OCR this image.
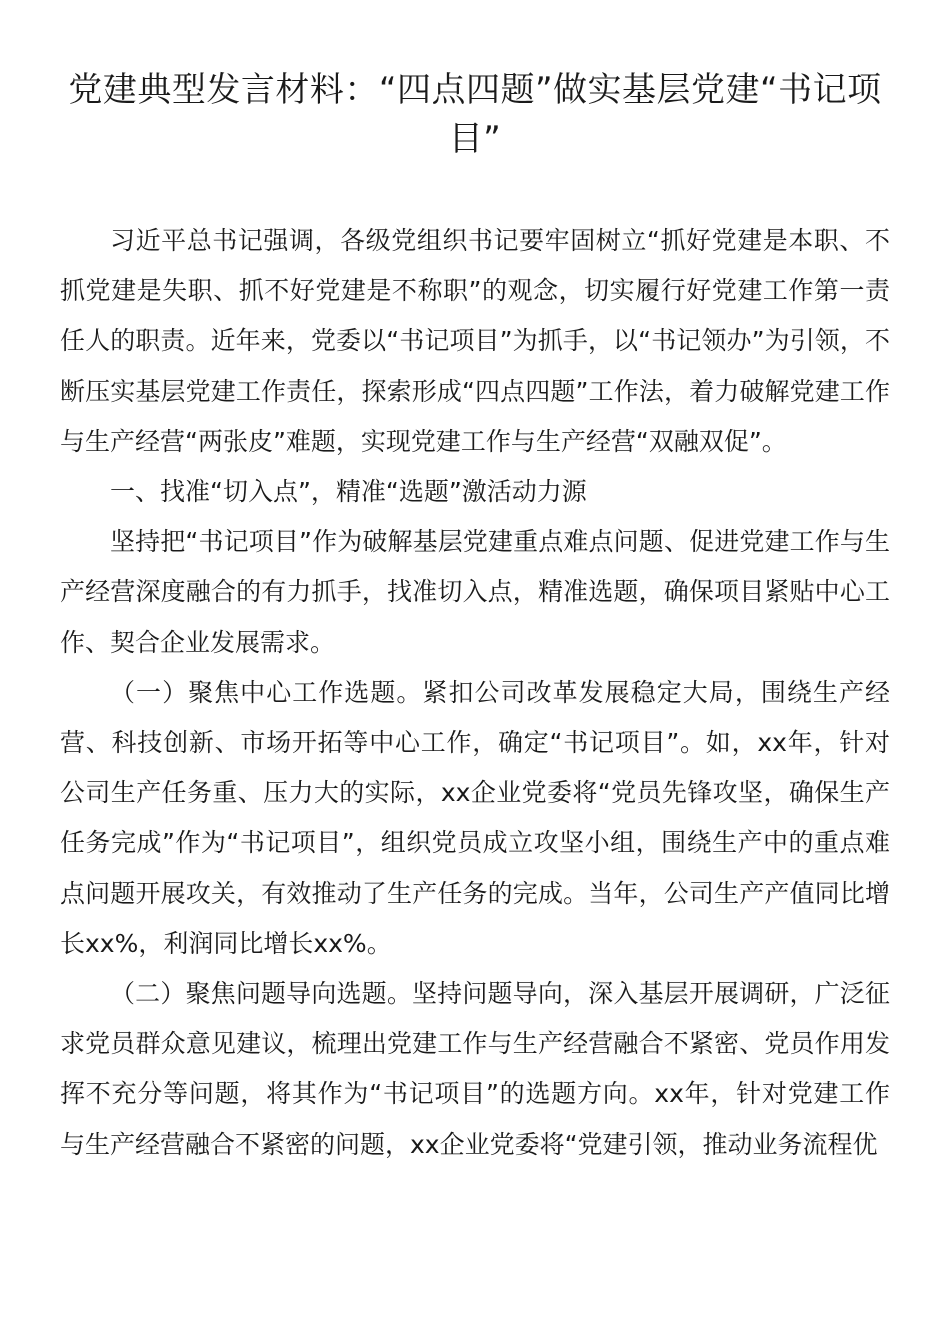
党建典型发言材料：“四点四题”做实基层党建“书记项目”

习近平总书记强调，各级党组织书记要牢固树立“抓好党建是本职、不抓党建是失职、抓不好党建是不称职”的观念，切实履行好党建工作第一责任人的职责。近年来，党委以“书记项目”为抓手，以“书记领办”为引领，不断压实基层党建工作责任，探索形成“四点四题”工作法，着力破解党建工作与生产经营“两张皮”难题，实现党建工作与生产经营“双融双促”。

一、找准“切入点”，精准“选题”激活动力源

坚持把“书记项目”作为破解基层党建重点难点问题、促进党建工作与生产经营深度融合的有力抓手，找准切入点，精准选题，确保项目紧贴中心工作、契合企业发展需求。

（一）聚焦中心工作选题。紧扣公司改革发展稳定大局，围绕生产经营、科技创新、市场开拓等中心工作，确定“书记项目”。如，xx年，针对公司生产任务重、压力大的实际，xx企业党委将“党员先锋攻坚，确保生产任务完成”作为“书记项目”，组织党员成立攻坚小组，围绕生产中的重点难点问题开展攻关，有效推动了生产任务的完成。当年，公司生产产值同比增长xx%，利润同比增长xx%。

（二）聚焦问题导向选题。坚持问题导向，深入基层开展调研，广泛征求党员群众意见建议，梳理出党建工作与生产经营融合不紧密、党员作用发挥不充分等问题，将其作为“书记项目”的选题方向。xx年，针对党建工作与生产经营融合不紧密的问题，xx企业党委将“党建引领，推动业务流程优
